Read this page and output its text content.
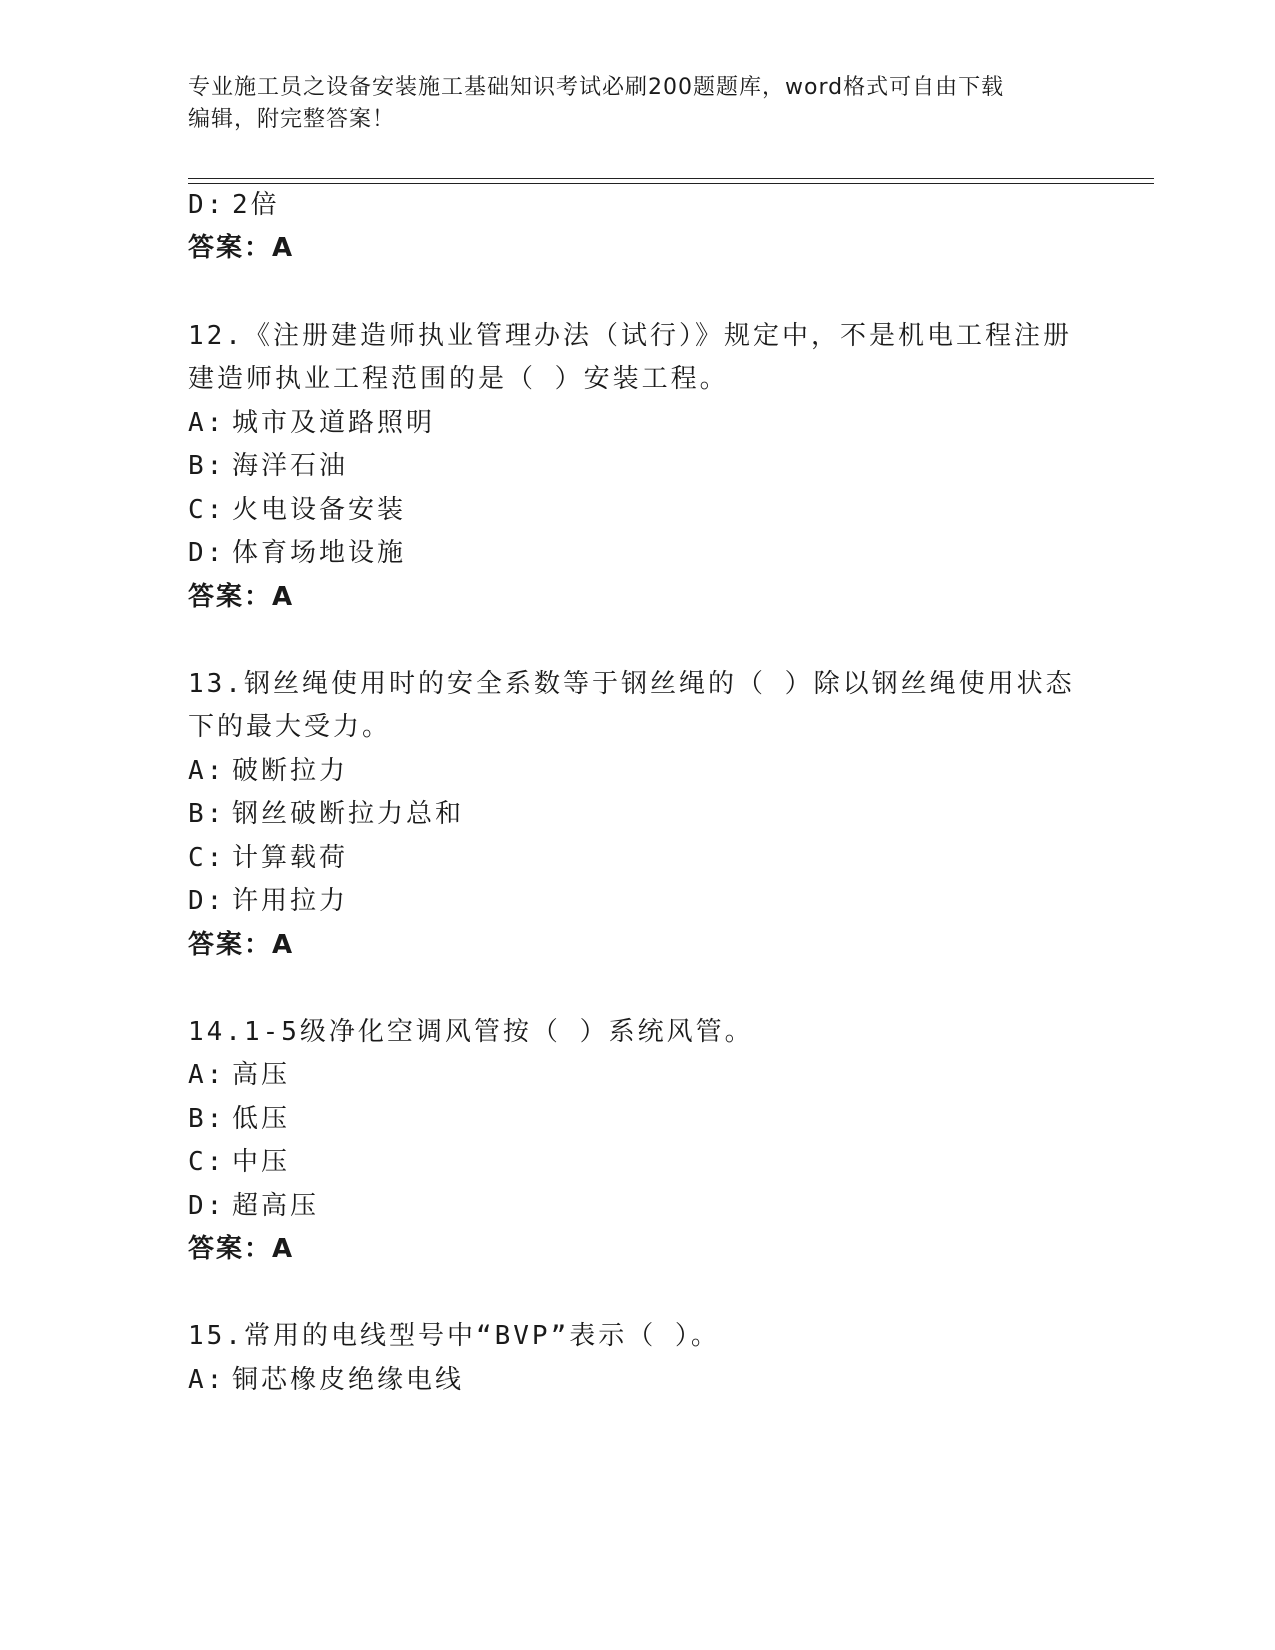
专业施工员之设备安装施工基础知识考试必刷200题题库，word格式可自由下载
编辑，附完整答案！
D: 2倍
答案：A
12.《注册建造师执业管理办法（试行）》规定中，不是机电工程注册
建造师执业工程范围的是（ ）安装工程。
A: 城市及道路照明
B: 海洋石油
C: 火电设备安装
D: 体育场地设施
答案：A
13.钢丝绳使用时的安全系数等于钢丝绳的（ ）除以钢丝绳使用状态
下的最大受力。
A: 破断拉力
B: 钢丝破断拉力总和
C: 计算载荷
D: 许用拉力
答案：A
14.1-5级净化空调风管按（ ）系统风管。
A: 高压
B: 低压
C: 中压
D: 超高压
答案：A
15.常用的电线型号中“BVP”表示（ ）。
A: 铜芯橡皮绝缘电线
